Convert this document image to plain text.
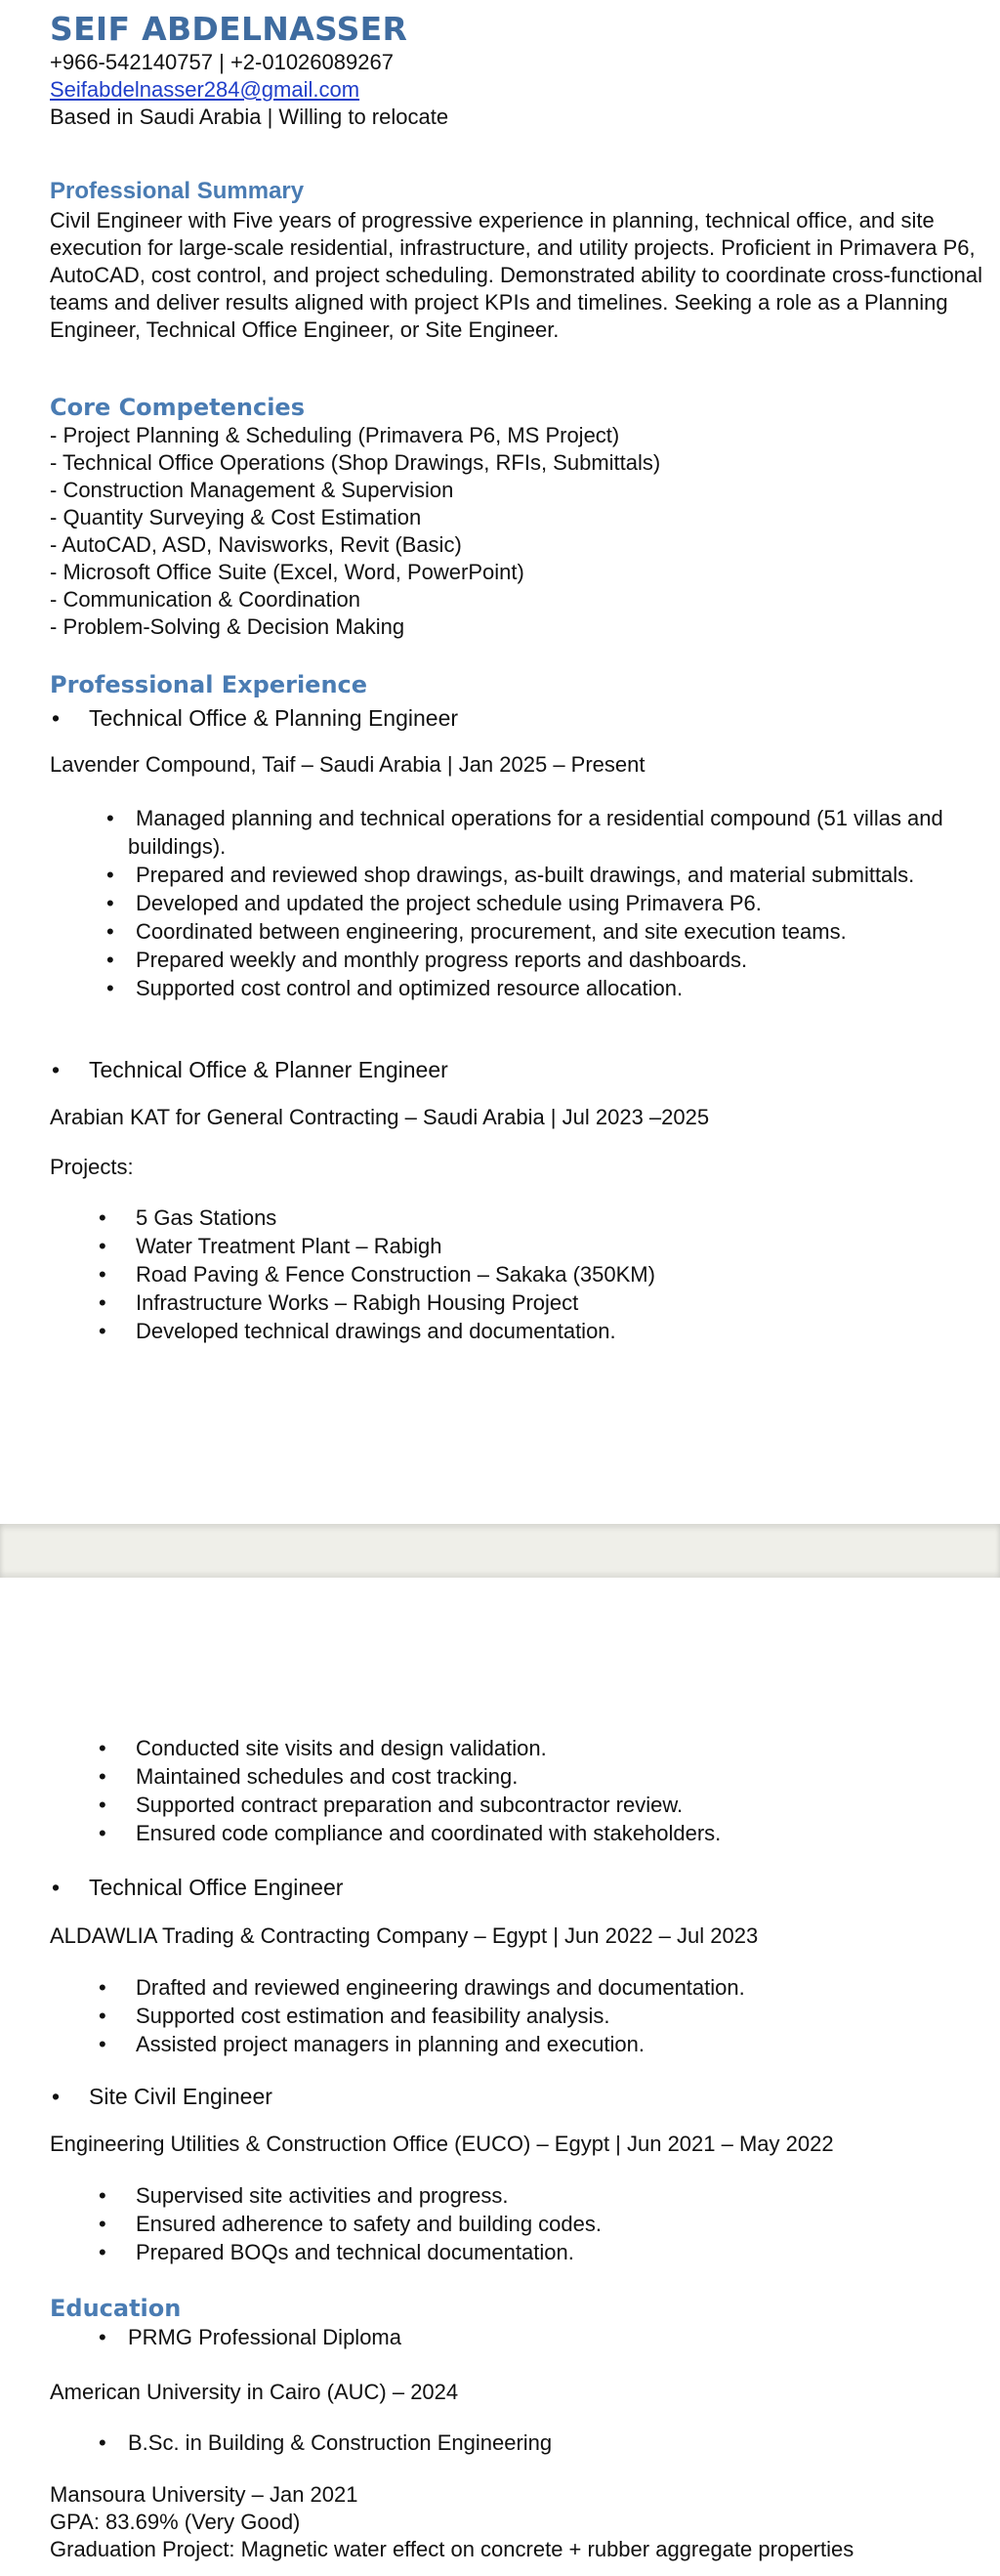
SEIF ABDELNASSER

+966-542140757 | +2-01026089267

Seifabdelnasser284@gmail.com

Based in Saudi Arabia | Willing to relocate

Professional Summary

Civil Engineer with Five years of progressive experience in planning, technical office, and site execution for large-scale residential, infrastructure, and utility projects. Proficient in Primavera P6, AutoCAD, cost control, and project scheduling. Demonstrated ability to coordinate cross-functional teams and deliver results aligned with project KPIs and timelines. Seeking a role as a Planning Engineer, Technical Office Engineer, or Site Engineer.

Core Competencies
- Project Planning & Scheduling (Primavera P6, MS Project)
- Technical Office Operations (Shop Drawings, RFIs, Submittals)
- Construction Management & Supervision
- Quantity Surveying & Cost Estimation
- AutoCAD, ASD, Navisworks, Revit (Basic)
- Microsoft Office Suite (Excel, Word, PowerPoint)
- Communication & Coordination
- Problem-Solving & Decision Making
Professional Experience
• Technical Office & Planning Engineer

Lavender Compound, Taif – Saudi Arabia | Jan 2025 – Present

• Managed planning and technical operations for a residential compound (51 villas and buildings).
• Prepared and reviewed shop drawings, as-built drawings, and material submittals.
• Developed and updated the project schedule using Primavera P6.
• Coordinated between engineering, procurement, and site execution teams.
• Prepared weekly and monthly progress reports and dashboards.
• Supported cost control and optimized resource allocation.
• Technical Office & Planner Engineer

Arabian KAT for General Contracting – Saudi Arabia | Jul 2023 –2025

Projects:

• 5 Gas Stations
• Water Treatment Plant – Rabigh
• Road Paving & Fence Construction – Sakaka (350KM)
• Infrastructure Works – Rabigh Housing Project
• Developed technical drawings and documentation.
• Conducted site visits and design validation.
• Maintained schedules and cost tracking.
• Supported contract preparation and subcontractor review.
• Ensured code compliance and coordinated with stakeholders.
• Technical Office Engineer

ALDAWLIA Trading & Contracting Company – Egypt | Jun 2022 – Jul 2023

• Drafted and reviewed engineering drawings and documentation.
• Supported cost estimation and feasibility analysis.
• Assisted project managers in planning and execution.
• Site Civil Engineer

Engineering Utilities & Construction Office (EUCO) – Egypt | Jun 2021 – May 2022

• Supervised site activities and progress.
• Ensured adherence to safety and building codes.
• Prepared BOQs and technical documentation.
Education
• PRMG Professional Diploma

American University in Cairo (AUC) – 2024

• B.Sc. in Building & Construction Engineering

Mansoura University – Jan 2021

GPA: 83.69% (Very Good)

Graduation Project: Magnetic water effect on concrete + rubber aggregate properties
